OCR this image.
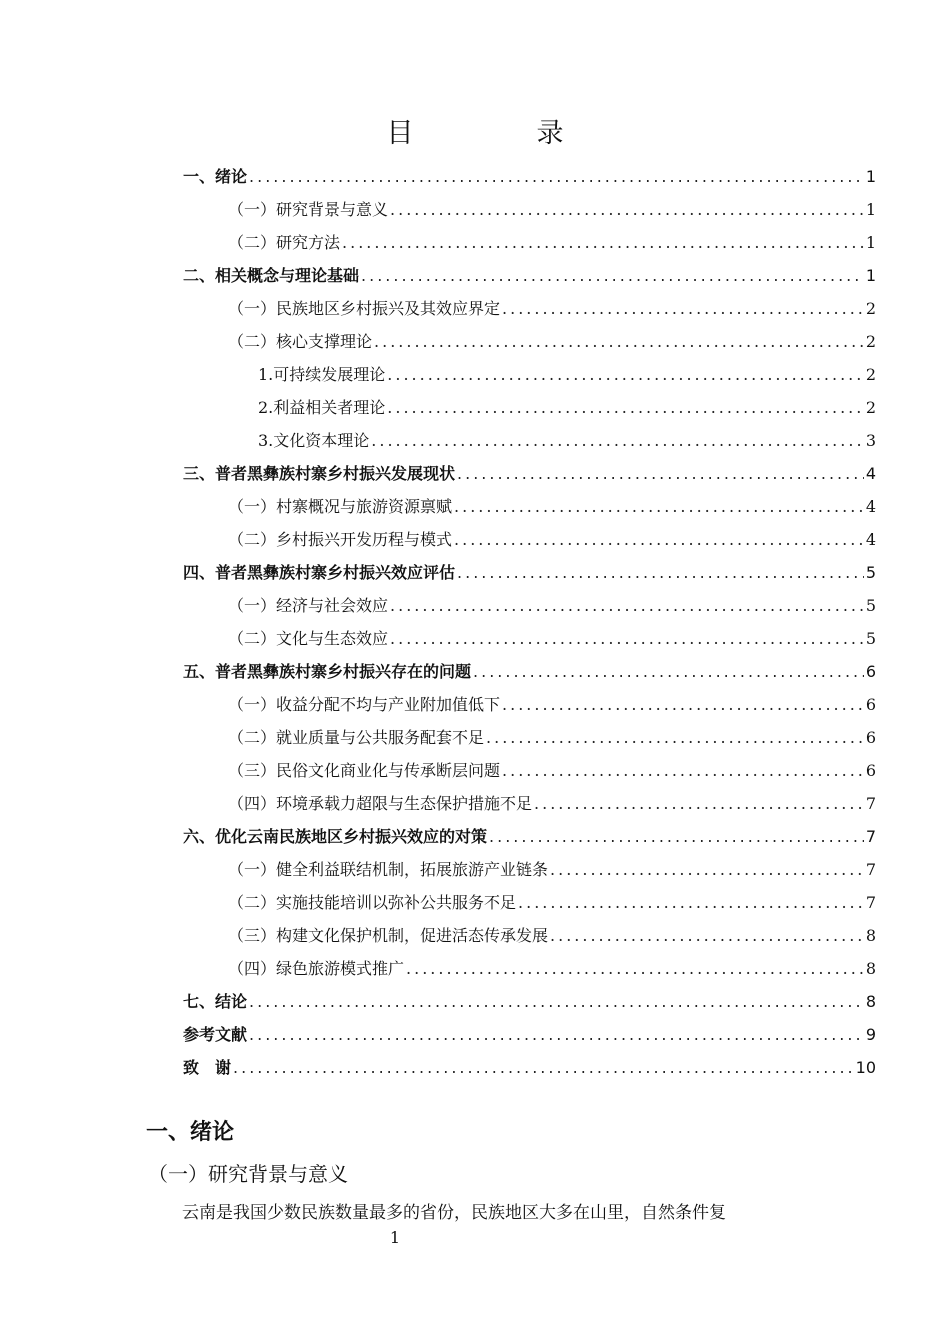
目　录
一、绪论 .....	1
（一）研究背景与意义 .....	1
（二）研究方法 .....	1
二、相关概念与理论基础 .....	1
（一）民族地区乡村振兴及其效应界定 .....	2
（二）核心支撑理论 .....	2
1.可持续发展理论 .....	2
2.利益相关者理论 .....	2
3.文化资本理论 .....	3
三、普者黑彝族村寨乡村振兴发展现状 .....	4
（一）村寨概况与旅游资源禀赋 .....	4
（二）乡村振兴开发历程与模式 .....	4
四、普者黑彝族村寨乡村振兴效应评估 .....	5
（一）经济与社会效应 .....	5
（二）文化与生态效应 .....	5
五、普者黑彝族村寨乡村振兴存在的问题 .....	6
（一）收益分配不均与产业附加值低下 .....	6
（二）就业质量与公共服务配套不足 .....	6
（三）民俗文化商业化与传承断层问题 .....	6
（四）环境承载力超限与生态保护措施不足 .....	7
六、优化云南民族地区乡村振兴效应的对策 .....	7
（一）健全利益联结机制，拓展旅游产业链条 .....	7
（二）实施技能培训以弥补公共服务不足 .....	7
（三）构建文化保护机制，促进活态传承发展 .....	8
（四）绿色旅游模式推广 .....	8
七、结论 .....	8
参考文献 .....	9
致　谢 .....	10
一、绪论
（一）研究背景与意义
云南是我国少数民族数量最多的省份，民族地区大多在山里，自然条件复
1
